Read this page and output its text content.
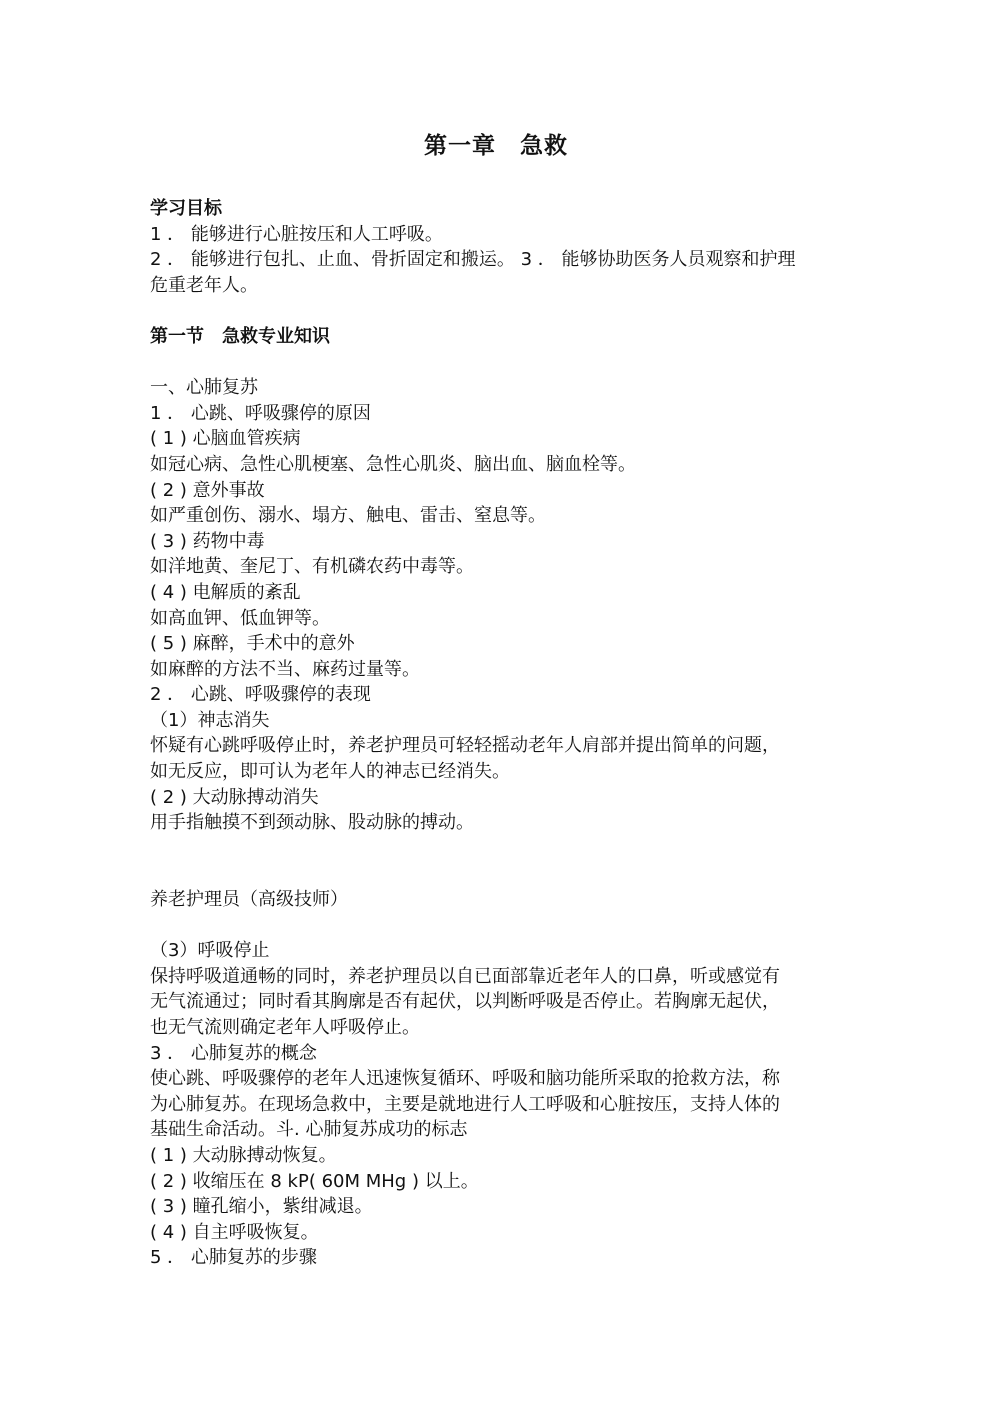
第一章　急救
学习目标
1 ． 能够进行心脏按压和人工呼吸。
2 ． 能够进行包扎、止血、骨折固定和搬运。 3 ． 能够协助医务人员观察和护理
危重老年人。
第一节　急救专业知识
一、心肺复苏
1 ． 心跳、呼吸骤停的原因
( 1 ) 心脑血管疾病
如冠心病、急性心肌梗塞、急性心肌炎、脑出血、脑血栓等。
( 2 ) 意外事故
如严重创伤、溺水、塌方、触电、雷击、窒息等。
( 3 ) 药物中毒
如洋地黄、奎尼丁、有机磷农药中毒等。
( 4 ) 电解质的紊乱
如高血钾、低血钾等。
( 5 ) 麻醉，手术中的意外
如麻醉的方法不当、麻药过量等。
2 ． 心跳、呼吸骤停的表现
（1）神志消失
怀疑有心跳呼吸停止时，养老护理员可轻轻摇动老年人肩部并提出简单的问题，
如无反应，即可认为老年人的神志已经消失。
( 2 ) 大动脉搏动消失
用手指触摸不到颈动脉、股动脉的搏动。
养老护理员（高级技师）
（3）呼吸停止
保持呼吸道通畅的同时，养老护理员以自已面部靠近老年人的口鼻，听或感觉有
无气流通过；同时看其胸廓是否有起伏，以判断呼吸是否停止。若胸廓无起伏，
也无气流则确定老年人呼吸停止。
3 ． 心肺复苏的概念
使心跳、呼吸骤停的老年人迅速恢复循环、呼吸和脑功能所采取的抢救方法，称
为心肺复苏。在现场急救中，主要是就地进行人工呼吸和心脏按压，支持人体的
基础生命活动。斗. 心肺复苏成功的标志
( 1 ) 大动脉搏动恢复。
( 2 ) 收缩压在 8 kP( 60M MHg ) 以上。
( 3 ) 瞳孔缩小，紫绀减退。
( 4 ) 自主呼吸恢复。
5 ． 心肺复苏的步骤
